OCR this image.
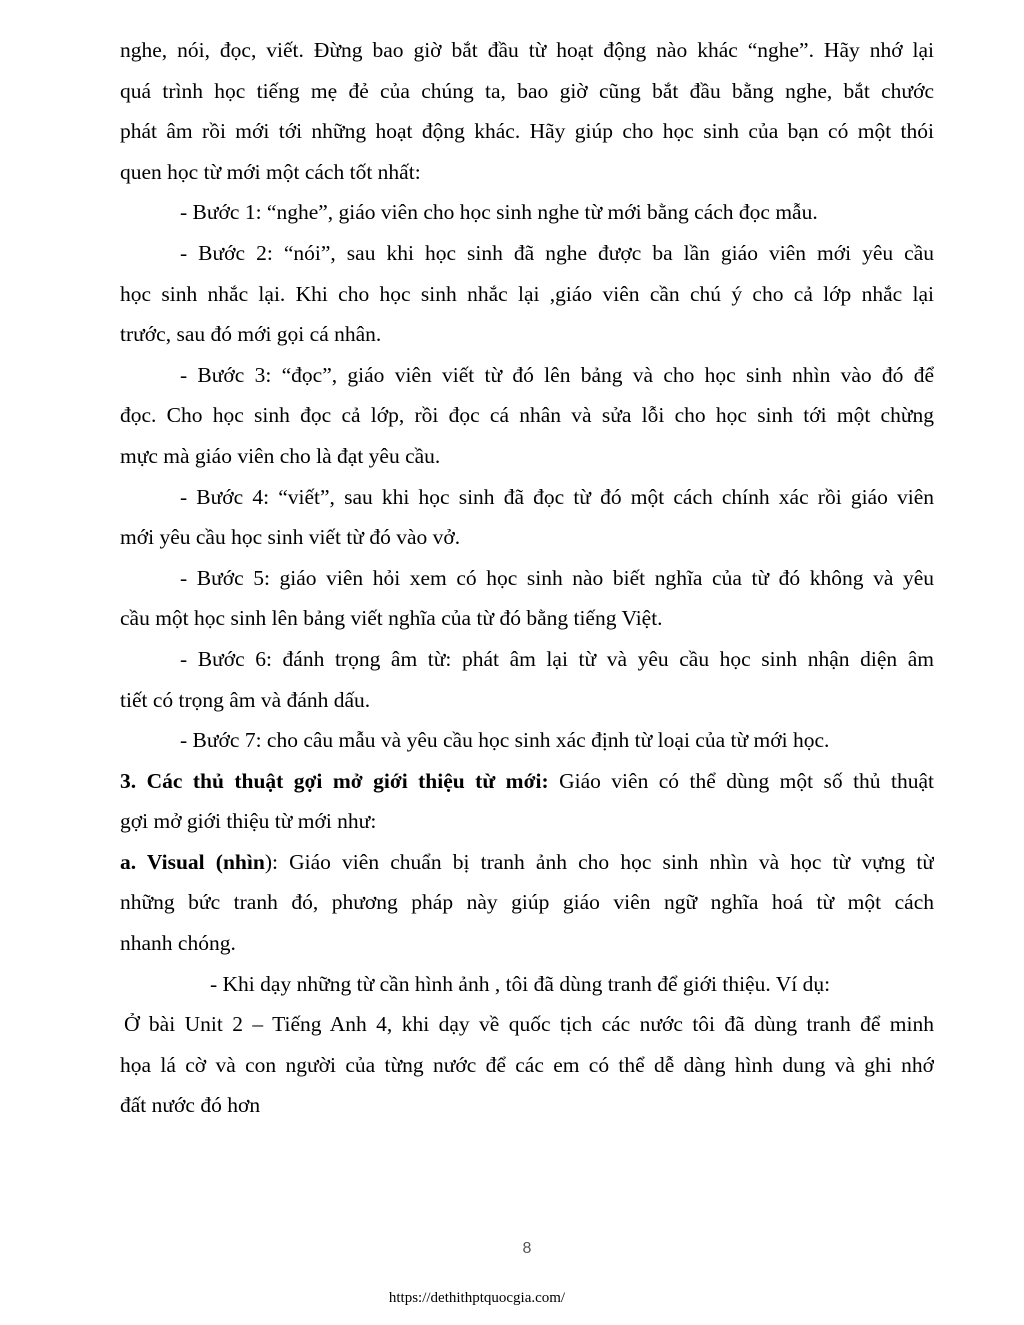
nghe, nói, đọc, viết. Đừng bao giờ bắt đầu từ hoạt động nào khác “nghe”. Hãy nhớ lại

quá trình học tiếng mẹ đẻ của chúng ta, bao giờ cũng bắt đầu bằng nghe, bắt chước

phát âm rồi mới tới những hoạt động khác. Hãy giúp cho học sinh của bạn có một thói

quen học từ mới một cách tốt nhất:

- Bước 1: “nghe”, giáo viên cho học sinh nghe từ mới bằng cách đọc mẫu.

- Bước 2: “nói”, sau khi học sinh đã nghe được ba lần giáo viên mới yêu cầu

học sinh nhắc lại. Khi cho học sinh nhắc lại ,giáo viên cần chú ý cho cả lớp nhắc lại

trước, sau đó mới gọi cá nhân.

- Bước 3: “đọc”, giáo viên viết từ đó lên bảng và cho học sinh nhìn vào đó để

đọc. Cho học sinh đọc cả lớp, rồi đọc cá nhân và sửa lỗi cho học sinh tới một chừng

mực mà giáo viên cho là đạt yêu cầu.

- Bước 4: “viết”, sau khi học sinh đã đọc từ đó một cách chính xác rồi giáo viên

mới yêu cầu học sinh viết từ đó vào vở.

- Bước 5: giáo viên hỏi xem có học sinh nào biết nghĩa của từ đó không và yêu

cầu một học sinh lên bảng viết nghĩa của từ đó bằng tiếng Việt.

- Bước 6: đánh trọng âm từ: phát âm lại từ và yêu cầu học sinh nhận diện âm

tiết có trọng âm và đánh dấu.

- Bước 7: cho câu mẫu và yêu cầu học sinh xác định từ loại của từ mới học.

3. Các thủ thuật gợi mở giới thiệu từ mới: Giáo viên có thể dùng một số thủ thuật

gợi mở giới thiệu từ mới như:

a. Visual (nhìn): Giáo viên chuẩn bị tranh ảnh cho học sinh nhìn và học từ vựng từ

những bức tranh đó, phương pháp này giúp giáo viên ngữ nghĩa hoá từ một cách

nhanh chóng.

- Khi dạy những từ cần hình ảnh , tôi đã dùng tranh để giới thiệu. Ví dụ:

Ở bài Unit 2 – Tiếng Anh 4, khi dạy về quốc tịch các nước tôi đã dùng tranh để minh

họa lá cờ và con người của từng nước để các em có thể dễ dàng hình dung và ghi nhớ

đất nước đó hơn

8
https://dethithptquocgia.com/
